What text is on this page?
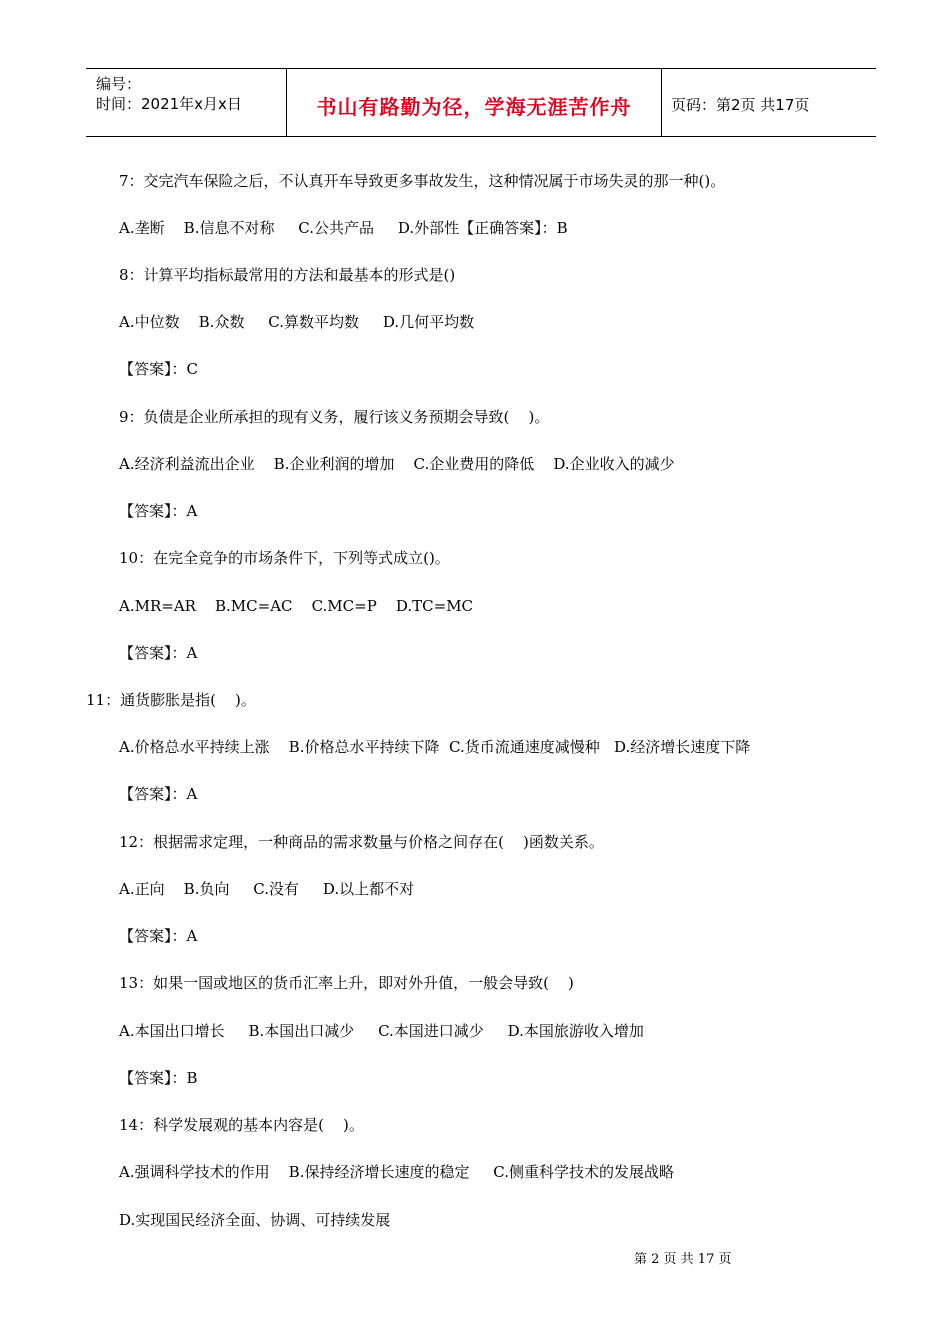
编号：
时间：2021年x月x日	书山有路勤为径，学海无涯苦作舟	页码：第2页 共17页
7：交完汽车保险之后，不认真开车导致更多事故发生，这种情况属于市场失灵的那一种()。
A.垄断    B.信息不对称     C.公共产品     D.外部性【正确答案】：B
8：计算平均指标最常用的方法和最基本的形式是()
A.中位数    B.众数     C.算数平均数     D.几何平均数
【答案】：C
9：负债是企业所承担的现有义务，履行该义务预期会导致(    )。
A.经济利益流出企业    B.企业利润的增加    C.企业费用的降低    D.企业收入的减少
【答案】：A
10：在完全竞争的市场条件下，下列等式成立()。
A.MR=AR    B.MC=AC    C.MC=P    D.TC=MC
【答案】：A
11：通货膨胀是指(    )。
A.价格总水平持续上涨    B.价格总水平持续下降  C.货币流通速度减慢种   D.经济增长速度下降
【答案】：A
12：根据需求定理，一种商品的需求数量与价格之间存在(    )函数关系。
A.正向    B.负向     C.没有     D.以上都不对
【答案】：A
13：如果一国或地区的货币汇率上升，即对外升值，一般会导致(    )
A.本国出口增长     B.本国出口减少     C.本国进口减少     D.本国旅游收入增加
【答案】：B
14：科学发展观的基本内容是(    )。
A.强调科学技术的作用    B.保持经济增长速度的稳定     C.侧重科学技术的发展战略
D.实现国民经济全面、协调、可持续发展
第 2 页 共 17 页
